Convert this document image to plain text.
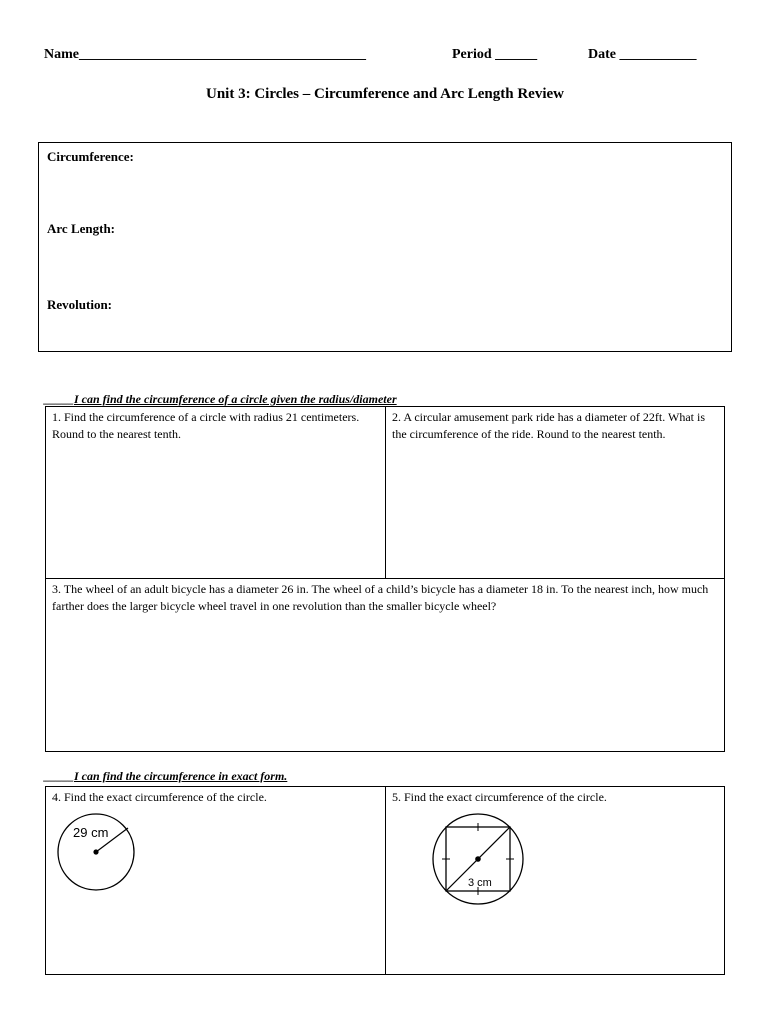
Name_________________________________________	Period ______	Date ___________
Unit 3: Circles – Circumference and Arc Length Review
Circumference:
Arc Length:
Revolution:
_____I can find the circumference of a circle given the radius/diameter

1. Find the circumference of a circle with radius 21 centimeters. Round to the nearest tenth.

2. A circular amusement park ride has a diameter of 22ft. What is the circumference of the ride. Round to the nearest tenth.

3. The wheel of an adult bicycle has a diameter 26 in. The wheel of a child’s bicycle has a diameter 18 in. To the nearest inch, how much farther does the larger bicycle wheel travel in one revolution than the smaller bicycle wheel?

_____I can find the circumference in exact form.

4. Find the exact circumference of the circle.

29 cm

5. Find the exact circumference of the circle.

3 cm
